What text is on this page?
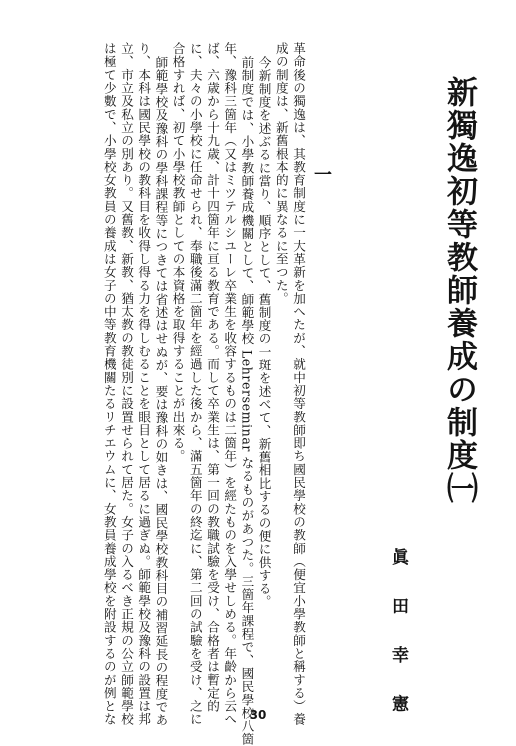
新獨逸初等教師養成の制度㈠
眞 田 幸 憲
一
30	革命後の獨逸は、其教育制度に一大革新を加へたが、就中初等教師即ち國民學校の教師（便宜小學教師と稱する）養
成の制度は、新舊根本的に異なるに至つた。
今新制度を述ぶるに當り、順序として、舊制度の一斑を述べて、新舊相比するの便に供する。
前制度では、小學教師養成機關として、師範學校 Lehrerseminar なるものがあつた。三箇年課程で、國民學校八箇
年、豫科三箇年（又はミツテルシユーレ卒業生を收容するものは二箇年）を經たものを入學せしめる。年齡から云へ
ば、六歳から十九歳、計十四箇年に亘る教育である。而して卒業生は、第一回の教職試驗を受け、合格者は暫定的
に、夫々の小學校に任命せられ、奉職後滿二箇年を經過した後から、滿五箇年の終迄に、第二回の試驗を受け、之に
合格すれば、初て小學校教師としての本資格を取得することが出來る。
師範學校及豫科の學科課程等につきては省述はせぬが、要は豫科の如きは、國民學校教科目の補習延長の程度であ
り、本科は國民學校の教科目を收得し得る力を得しむることを眼目として居るに過ぎぬ。師範學校及豫科の設置は邦
立、市立及私立の別あり。又舊教、新教、猶太教の教徒別に設置せられて居た。女子の入るべき正規の公立師範學校
は極て少數で、小學校女教員の養成は女子の中等教育機關たるリチエウムに、女教員養成學校を附設するのが例とな
